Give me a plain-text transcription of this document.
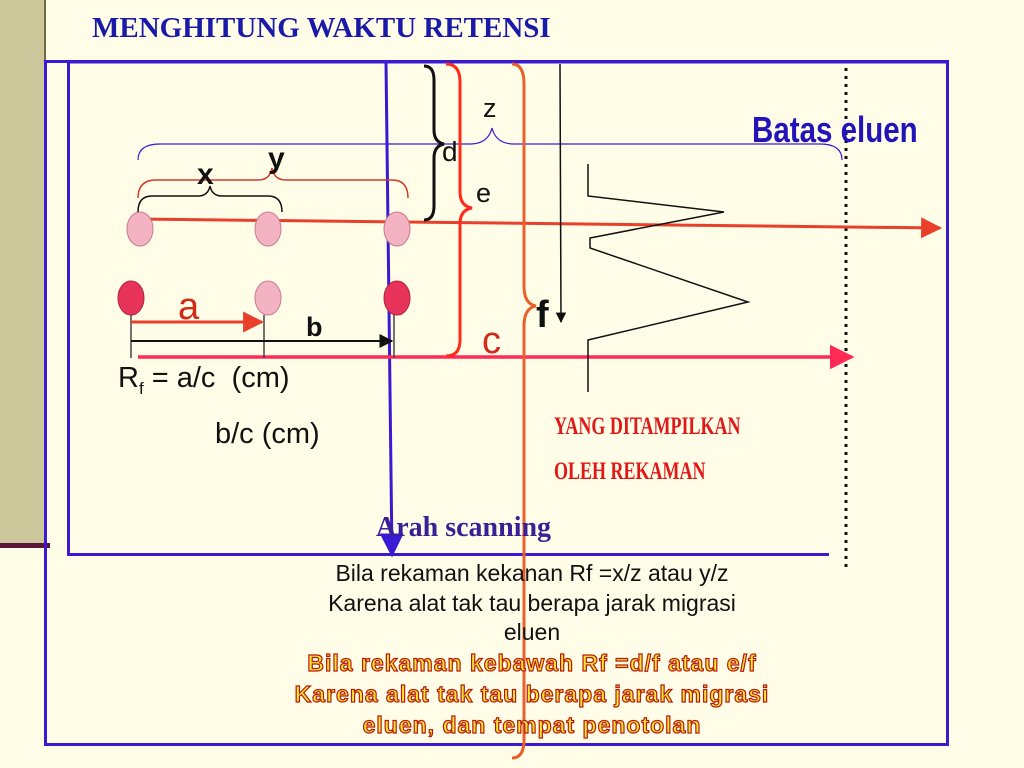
MENGHITUNG WAKTU RETENSI
Batas eluen
z
d
e
x y
a	b	c
f
$R_f = a/c$  (cm)
b/c (cm)	YANG DITAMPILKAN
OLEH REKAMAN
Arah scanning
Bila rekaman kekanan Rf =x/z atau y/z
Karena alat tak tau berapa jarak migrasi
eluen
Bila rekaman kebawah Rf =d/f atau e/f
Karena alat tak tau berapa jarak migrasi
eluen, dan tempat penotolan
